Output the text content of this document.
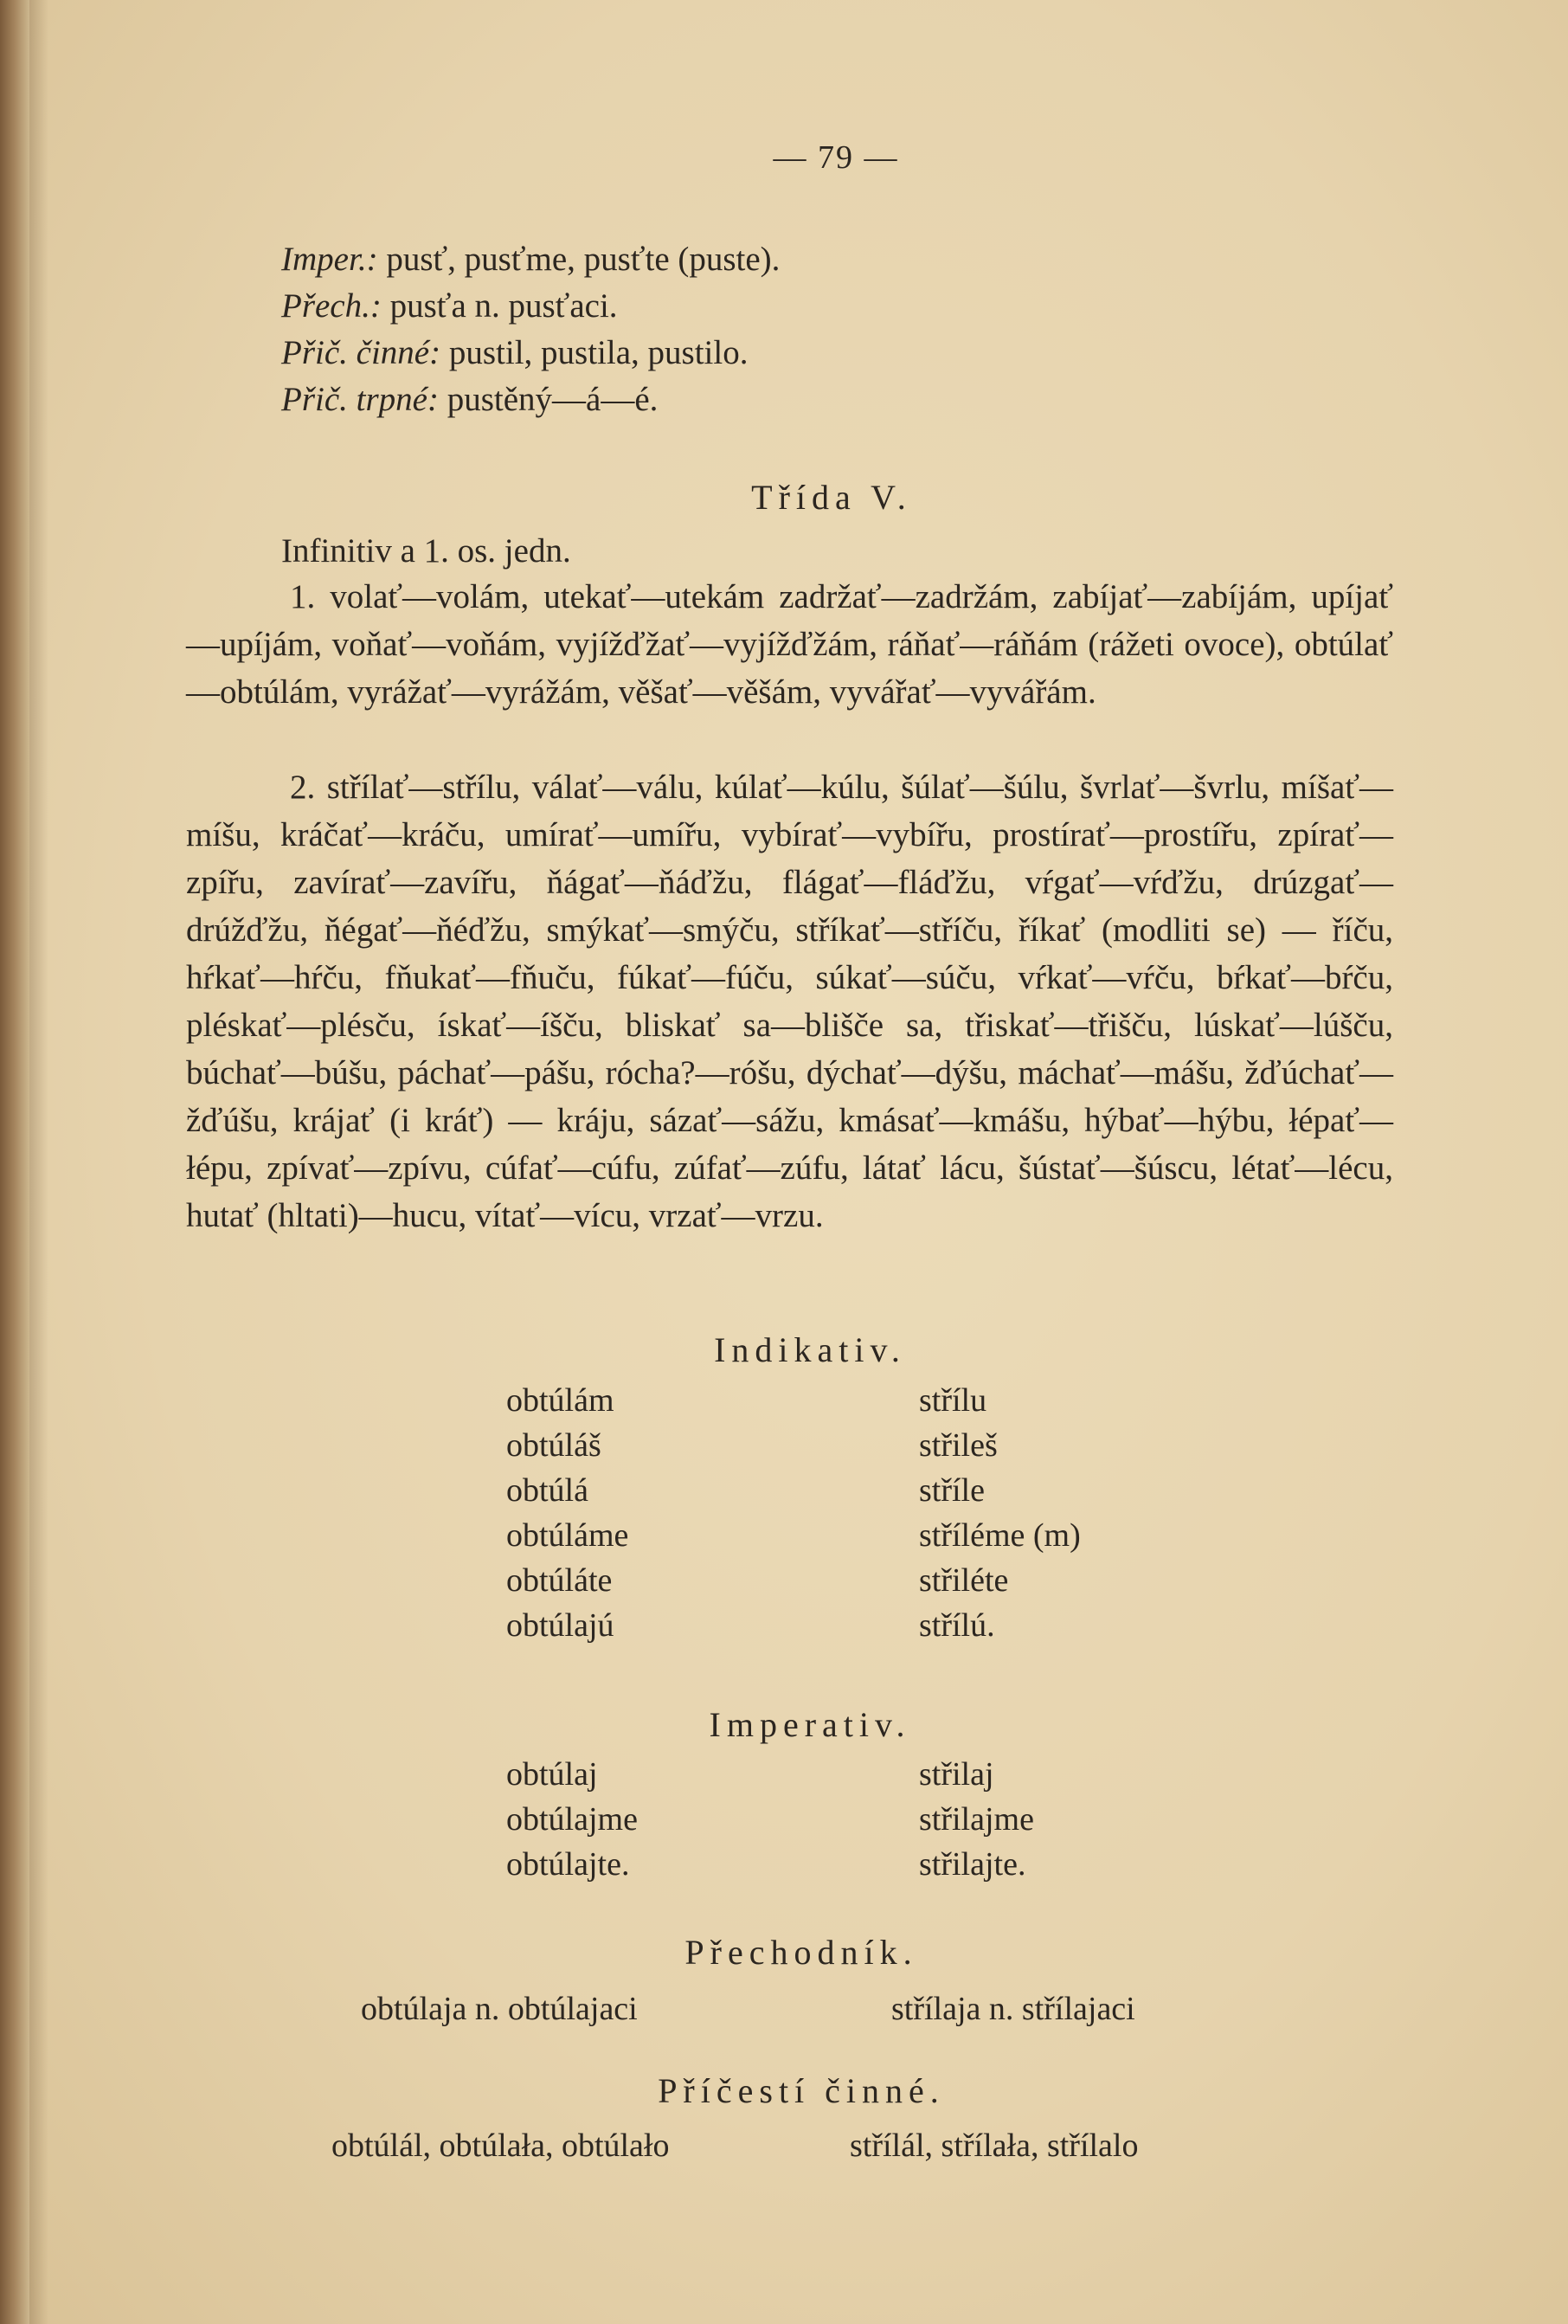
— 79 —
Imper.: pusť, pusťme, pusťte (puste).
Přech.: pusťa n. pusťaci.
Přič. činné: pustil, pustila, pustilo.
Přič. trpné: pustěný—á—é.
Třída V.
Infinitiv a 1. os. jedn.
1. volať—volám, utekať—utekám zadržať—zadržám, zabíjať—zabíjám, upíjať—upíjám, voňať—voňám, vyjížďžať—vyjížďžám, ráňať—ráňám (rážeti ovoce), obtúlať—obtúlám, vyrážať—vyrážám, věšať—věšám, vyvářať—vyvářám.
2. střílať—střílu, válať—válu, kúlať—kúlu, šúlať—šúlu, švrlať—švrlu, míšať—míšu, kráčať—kráču, umírať—umířu, vybírať—vybířu, prostírať—prostířu, zpírať—zpířu, zavírať—zavířu, ňágať—ňáďžu, flágať—fláďžu, vŕgať—vŕďžu, drúzgať—drúžďžu, ňégať—ňéďžu, smýkať—smýču, stříkať—stříču, říkať (modliti se) — říču, hŕkať—hŕču, fňukať—fňuču, fúkať—fúču, súkať—súču, vŕkať—vŕču, bŕkať—bŕču, pléskať—plésču, ískať—íšču, bliskať sa—blišče sa, třiskať—třišču, lúskať—lúšču, búchať—búšu, páchať—pášu, rócha?—róšu, dýchať—dýšu, máchať—mášu, žďúchať—žďúšu, krájať (i kráť) — kráju, sázať—sážu, kmásať—kmášu, hýbať—hýbu, łépať—łépu, zpívať—zpívu, cúfať—cúfu, zúfať—zúfu, látať lácu, šústať—šúscu, létať—lécu, hutať (hltati)—hucu, vítať—vícu, vrzať—vrzu.
Indikativ.
obtúlám
obtúláš
obtúlá
obtúláme
obtúláte
obtúlajú
střílu
střileš
stříle
stříléme (m)
střiléte
střílú.
Imperativ.
obtúlaj
obtúlajme
obtúlajte.
střilaj
střilajme
střilajte.
Přechodník.
obtúlaja n. obtúlajaci	střílaja n. střílajaci
Příčestí činné.
obtúlál, obtúlała, obtúlało	střílál, střílała, střílalo
